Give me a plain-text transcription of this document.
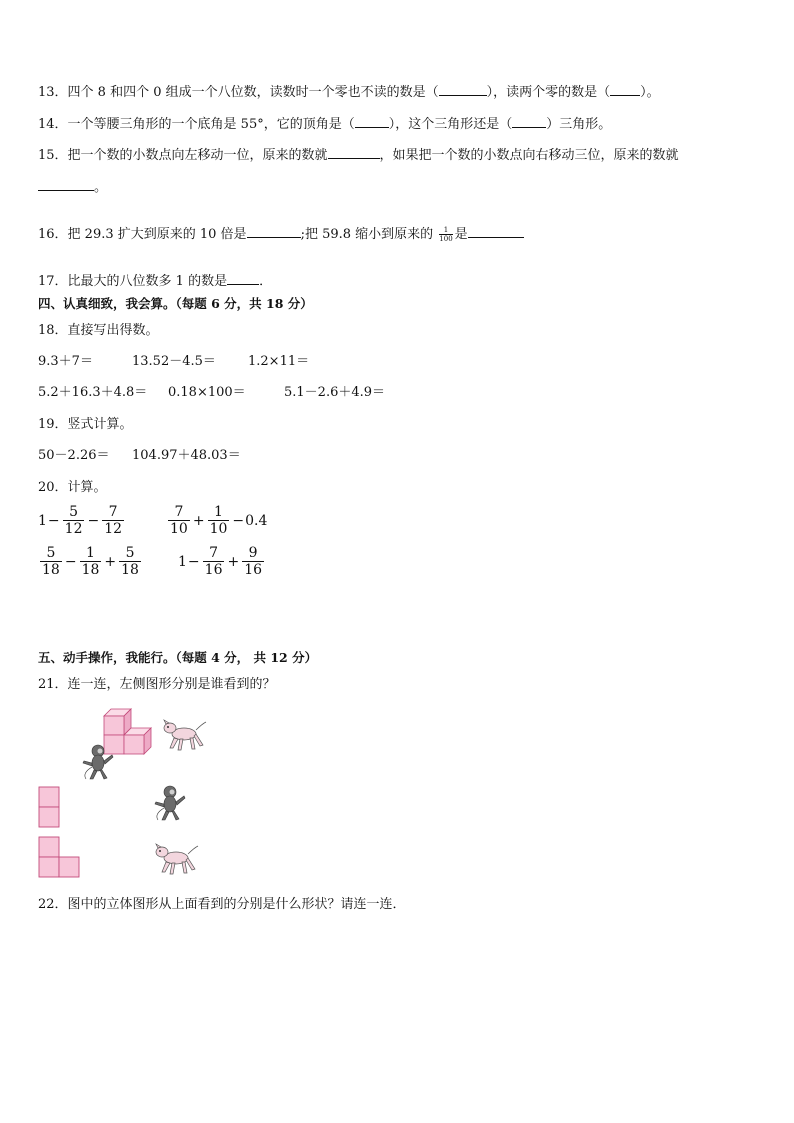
13．四个 8 和四个 0 组成一个八位数，读数时一个零也不读的数是（	），读两个零的数是（ ）。
14．一个等腰三角形的一个底角是 55°，它的顶角是（	），这个三角形还是（	）三角形。
15．把一个数的小数点向左移动一位，原来的数就	，如果把一个数的小数点向右移动三位，原来的数就
。
16．把 29.3 扩大到原来的 10 倍是	;把 59.8 缩小到原来的 $\frac{1}{100}$ 是
17．比最大的八位数多 1 的数是 ．
四、认真细致，我会算。（每题 6 分，共 18 分）
18．直接写出得数。
9.3＋7＝	13.52－4.5＝ 1.2×11＝
5.2＋16.3＋4.8＝ 0.18×100＝	5.1－2.6＋4.9＝
19．竖式计算。
50－2.26＝ 104.97＋48.03＝
20．计算。
$1 - \frac{5}{12} - \frac{7}{12}$	$\frac{7}{10} + \frac{1}{10} - 0.4$
$\frac{5}{18} - \frac{1}{18} + \frac{5}{18}$	$1 - \frac{7}{16} + \frac{9}{16}$
五、动手操作，我能行。（每题 4 分， 共 12 分）
21．连一连，左侧图形分别是谁看到的？
22．图中的立体图形从上面看到的分别是什么形状？请连一连．
